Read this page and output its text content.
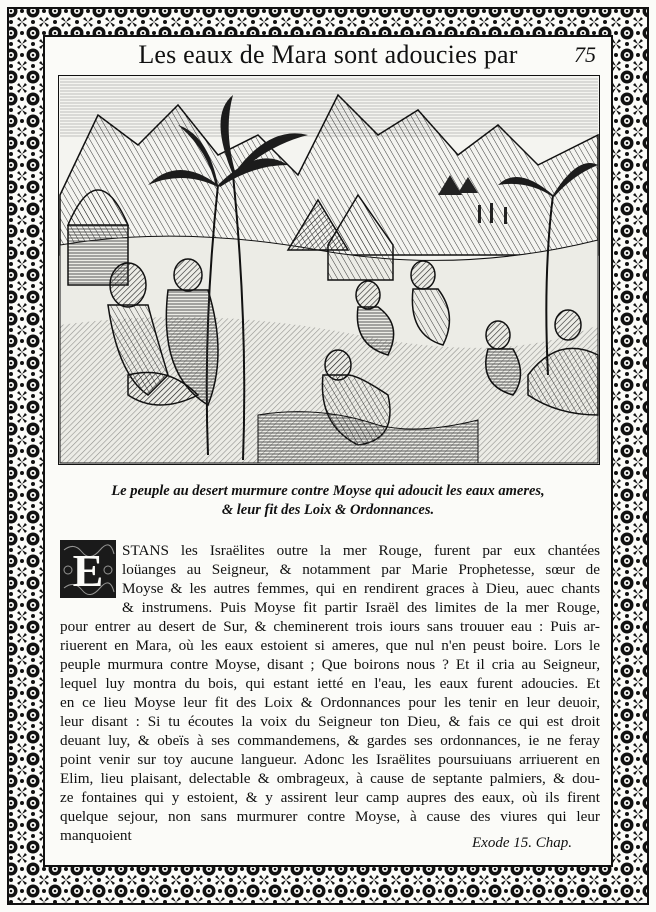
Les eaux de Mara sont adoucies par	75
Le peuple au desert murmure contre Moyse qui adoucit les eaux ameres,
& leur fit des Loix & Ordonnances.
E	STANS les Israëlites outre la mer Rouge, furent par eux chantées
loüanges au Seigneur, & notamment par Marie Prophetesse, sœur de
Moyse & les autres femmes, qui en rendirent graces à Dieu, auec chants
& instrumens. Puis Moyse fit partir Israël des limites de la mer Rouge,
pour entrer au desert de Sur, & cheminerent trois iours sans trouuer eau : Puis ar-
riuerent en Mara, où les eaux estoient si ameres, que nul n'en peust boire. Lors le
peuple murmura contre Moyse, disant ; Que boirons nous ? Et il cria au Seigneur,
lequel luy montra du bois, qui estant ietté en l'eau, les eaux furent adoucies. Et
en ce lieu Moyse leur fit des Loix & Ordonnances pour les tenir en leur deuoir,
leur disant : Si tu écoutes la voix du Seigneur ton Dieu, & fais ce qui est droit
deuant luy, & obeïs à ses commandemens, & gardes ses ordonnances, ie ne feray
point venir sur toy aucune langueur. Adonc les Israëlites poursuiuans arriuerent en
Elim, lieu plaisant, delectable & ombrageux, à cause de septante palmiers, & dou-
ze fontaines qui y estoient, & y assirent leur camp aupres des eaux, où ils firent
quelque sejour, non sans murmurer contre Moyse, à cause des viures qui leur
manquoient	Exode 15. Chap.
